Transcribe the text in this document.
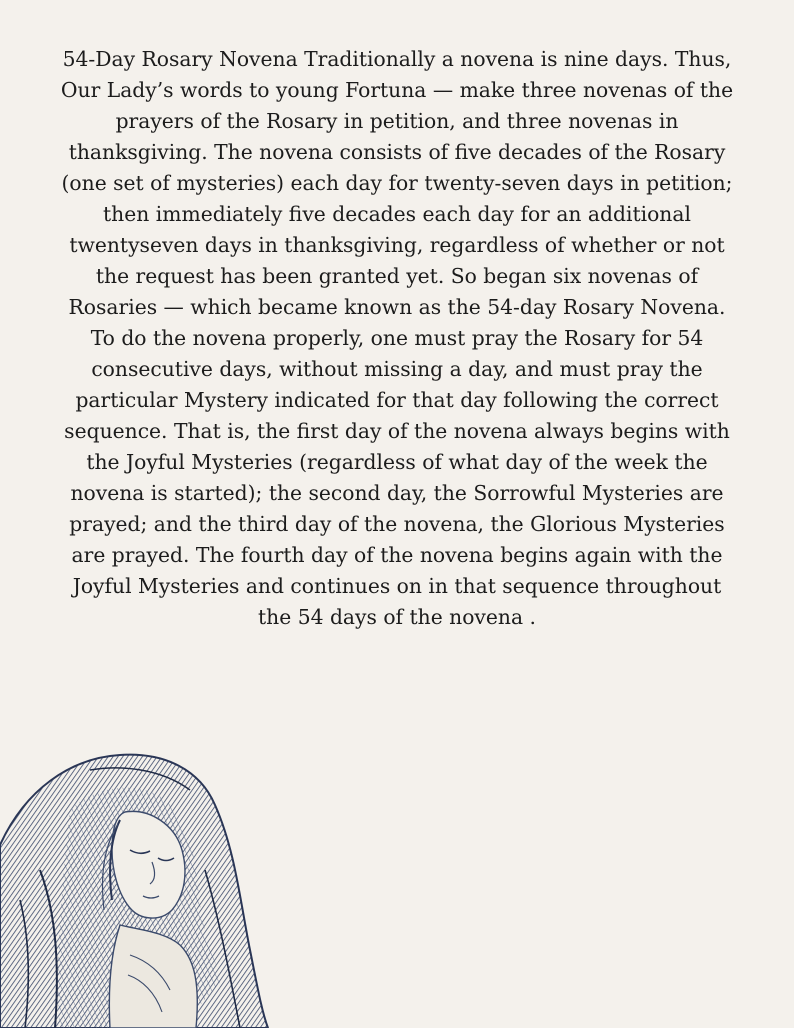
54-Day Rosary Novena Traditionally a novena is nine days. Thus, Our Lady’s words to young Fortuna — make three novenas of the prayers of the Rosary in petition, and three novenas in thanksgiving. The novena consists of five decades of the Rosary (one set of mysteries) each day for twenty-seven days in petition; then immediately five decades each day for an additional twentyseven days in thanksgiving, regardless of whether or not the request has been granted yet. So began six novenas of Rosaries — which became known as the 54-day Rosary Novena. To do the novena properly, one must pray the Rosary for 54 consecutive days, without missing a day, and must pray the particular Mystery indicated for that day following the correct sequence. That is, the first day of the novena always begins with the Joyful Mysteries (regardless of what day of the week the novena is started); the second day, the Sorrowful Mysteries are prayed; and the third day of the novena, the Glorious Mysteries are prayed. The fourth day of the novena begins again with the Joyful Mysteries and continues on in that sequence throughout the 54 days of the novena .
